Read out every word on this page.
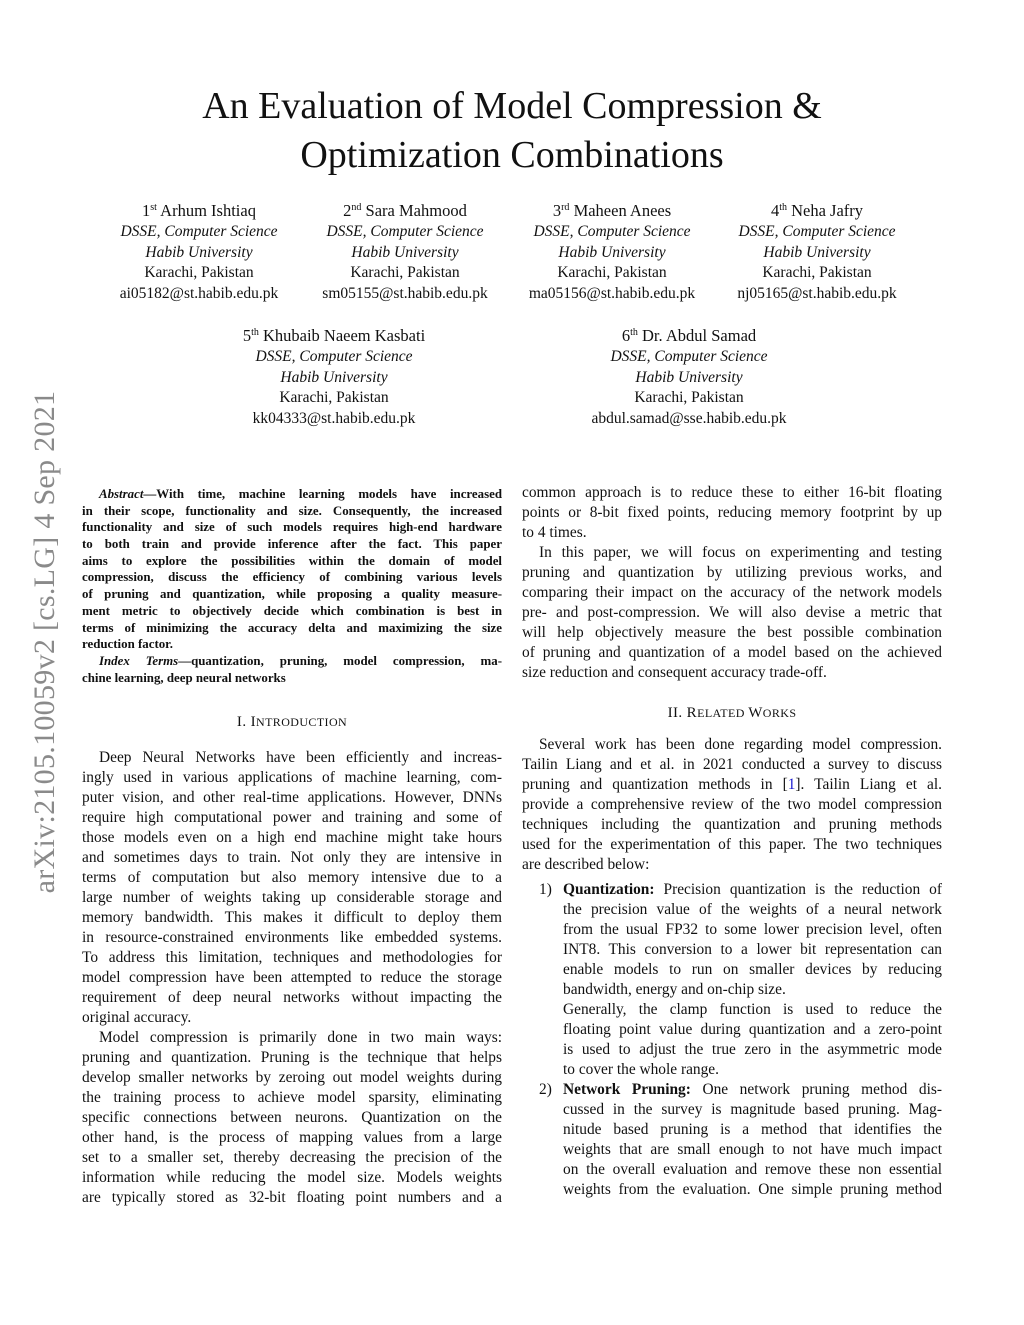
arXiv:2105.10059v2 [cs.LG] 4 Sep 2021
An Evaluation of Model Compression &
Optimization Combinations
1st Arhum Ishtiaq
DSSE, Computer Science
Habib University
Karachi, Pakistan
ai05182@st.habib.edu.pk
2nd Sara Mahmood
DSSE, Computer Science
Habib University
Karachi, Pakistan
sm05155@st.habib.edu.pk
3rd Maheen Anees
DSSE, Computer Science
Habib University
Karachi, Pakistan
ma05156@st.habib.edu.pk
4th Neha Jafry
DSSE, Computer Science
Habib University
Karachi, Pakistan
nj05165@st.habib.edu.pk
5th Khubaib Naeem Kasbati
DSSE, Computer Science
Habib University
Karachi, Pakistan
kk04333@st.habib.edu.pk
6th Dr. Abdul Samad
DSSE, Computer Science
Habib University
Karachi, Pakistan
abdul.samad@sse.habib.edu.pk
Abstract—With time, machine learning models have increased
in their scope, functionality and size. Consequently, the increased
functionality and size of such models requires high-end hardware
to both train and provide inference after the fact. This paper
aims to explore the possibilities within the domain of model
compression, discuss the efficiency of combining various levels
of pruning and quantization, while proposing a quality measure-
ment metric to objectively decide which combination is best in
terms of minimizing the accuracy delta and maximizing the size
reduction factor.
Index Terms—quantization, pruning, model compression, ma-
chine learning, deep neural networks
I. INTRODUCTION
Deep Neural Networks have been efficiently and increas-
ingly used in various applications of machine learning, com-
puter vision, and other real-time applications. However, DNNs
require high computational power and training and some of
those models even on a high end machine might take hours
and sometimes days to train. Not only they are intensive in
terms of computation but also memory intensive due to a
large number of weights taking up considerable storage and
memory bandwidth. This makes it difficult to deploy them
in resource-constrained environments like embedded systems.
To address this limitation, techniques and methodologies for
model compression have been attempted to reduce the storage
requirement of deep neural networks without impacting the
original accuracy.
Model compression is primarily done in two main ways:
pruning and quantization. Pruning is the technique that helps
develop smaller networks by zeroing out model weights during
the training process to achieve model sparsity, eliminating
specific connections between neurons. Quantization on the
other hand, is the process of mapping values from a large
set to a smaller set, thereby decreasing the precision of the
information while reducing the model size. Models weights
are typically stored as 32-bit floating point numbers and a
common approach is to reduce these to either 16-bit floating
points or 8-bit fixed points, reducing memory footprint by up
to 4 times.
In this paper, we will focus on experimenting and testing
pruning and quantization by utilizing previous works, and
comparing their impact on the accuracy of the network models
pre- and post-compression. We will also devise a metric that
will help objectively measure the best possible combination
of pruning and quantization of a model based on the achieved
size reduction and consequent accuracy trade-off.
II. RELATED WORKS
Several work has been done regarding model compression.
Tailin Liang and et al. in 2021 conducted a survey to discuss
pruning and quantization methods in [1]. Tailin Liang et al.
provide a comprehensive review of the two model compression
techniques including the quantization and pruning methods
used for the experimentation of this paper. The two techniques
are described below:
1) Quantization: Precision quantization is the reduction of
the precision value of the weights of a neural network
from the usual FP32 to some lower precision level, often
INT8. This conversion to a lower bit representation can
enable models to run on smaller devices by reducing
bandwidth, energy and on-chip size.
Generally, the clamp function is used to reduce the
floating point value during quantization and a zero-point
is used to adjust the true zero in the asymmetric mode
to cover the whole range.
2) Network Pruning: One network pruning method dis-
cussed in the survey is magnitude based pruning. Mag-
nitude based pruning is a method that identifies the
weights that are small enough to not have much impact
on the overall evaluation and remove these non essential
weights from the evaluation. One simple pruning method
